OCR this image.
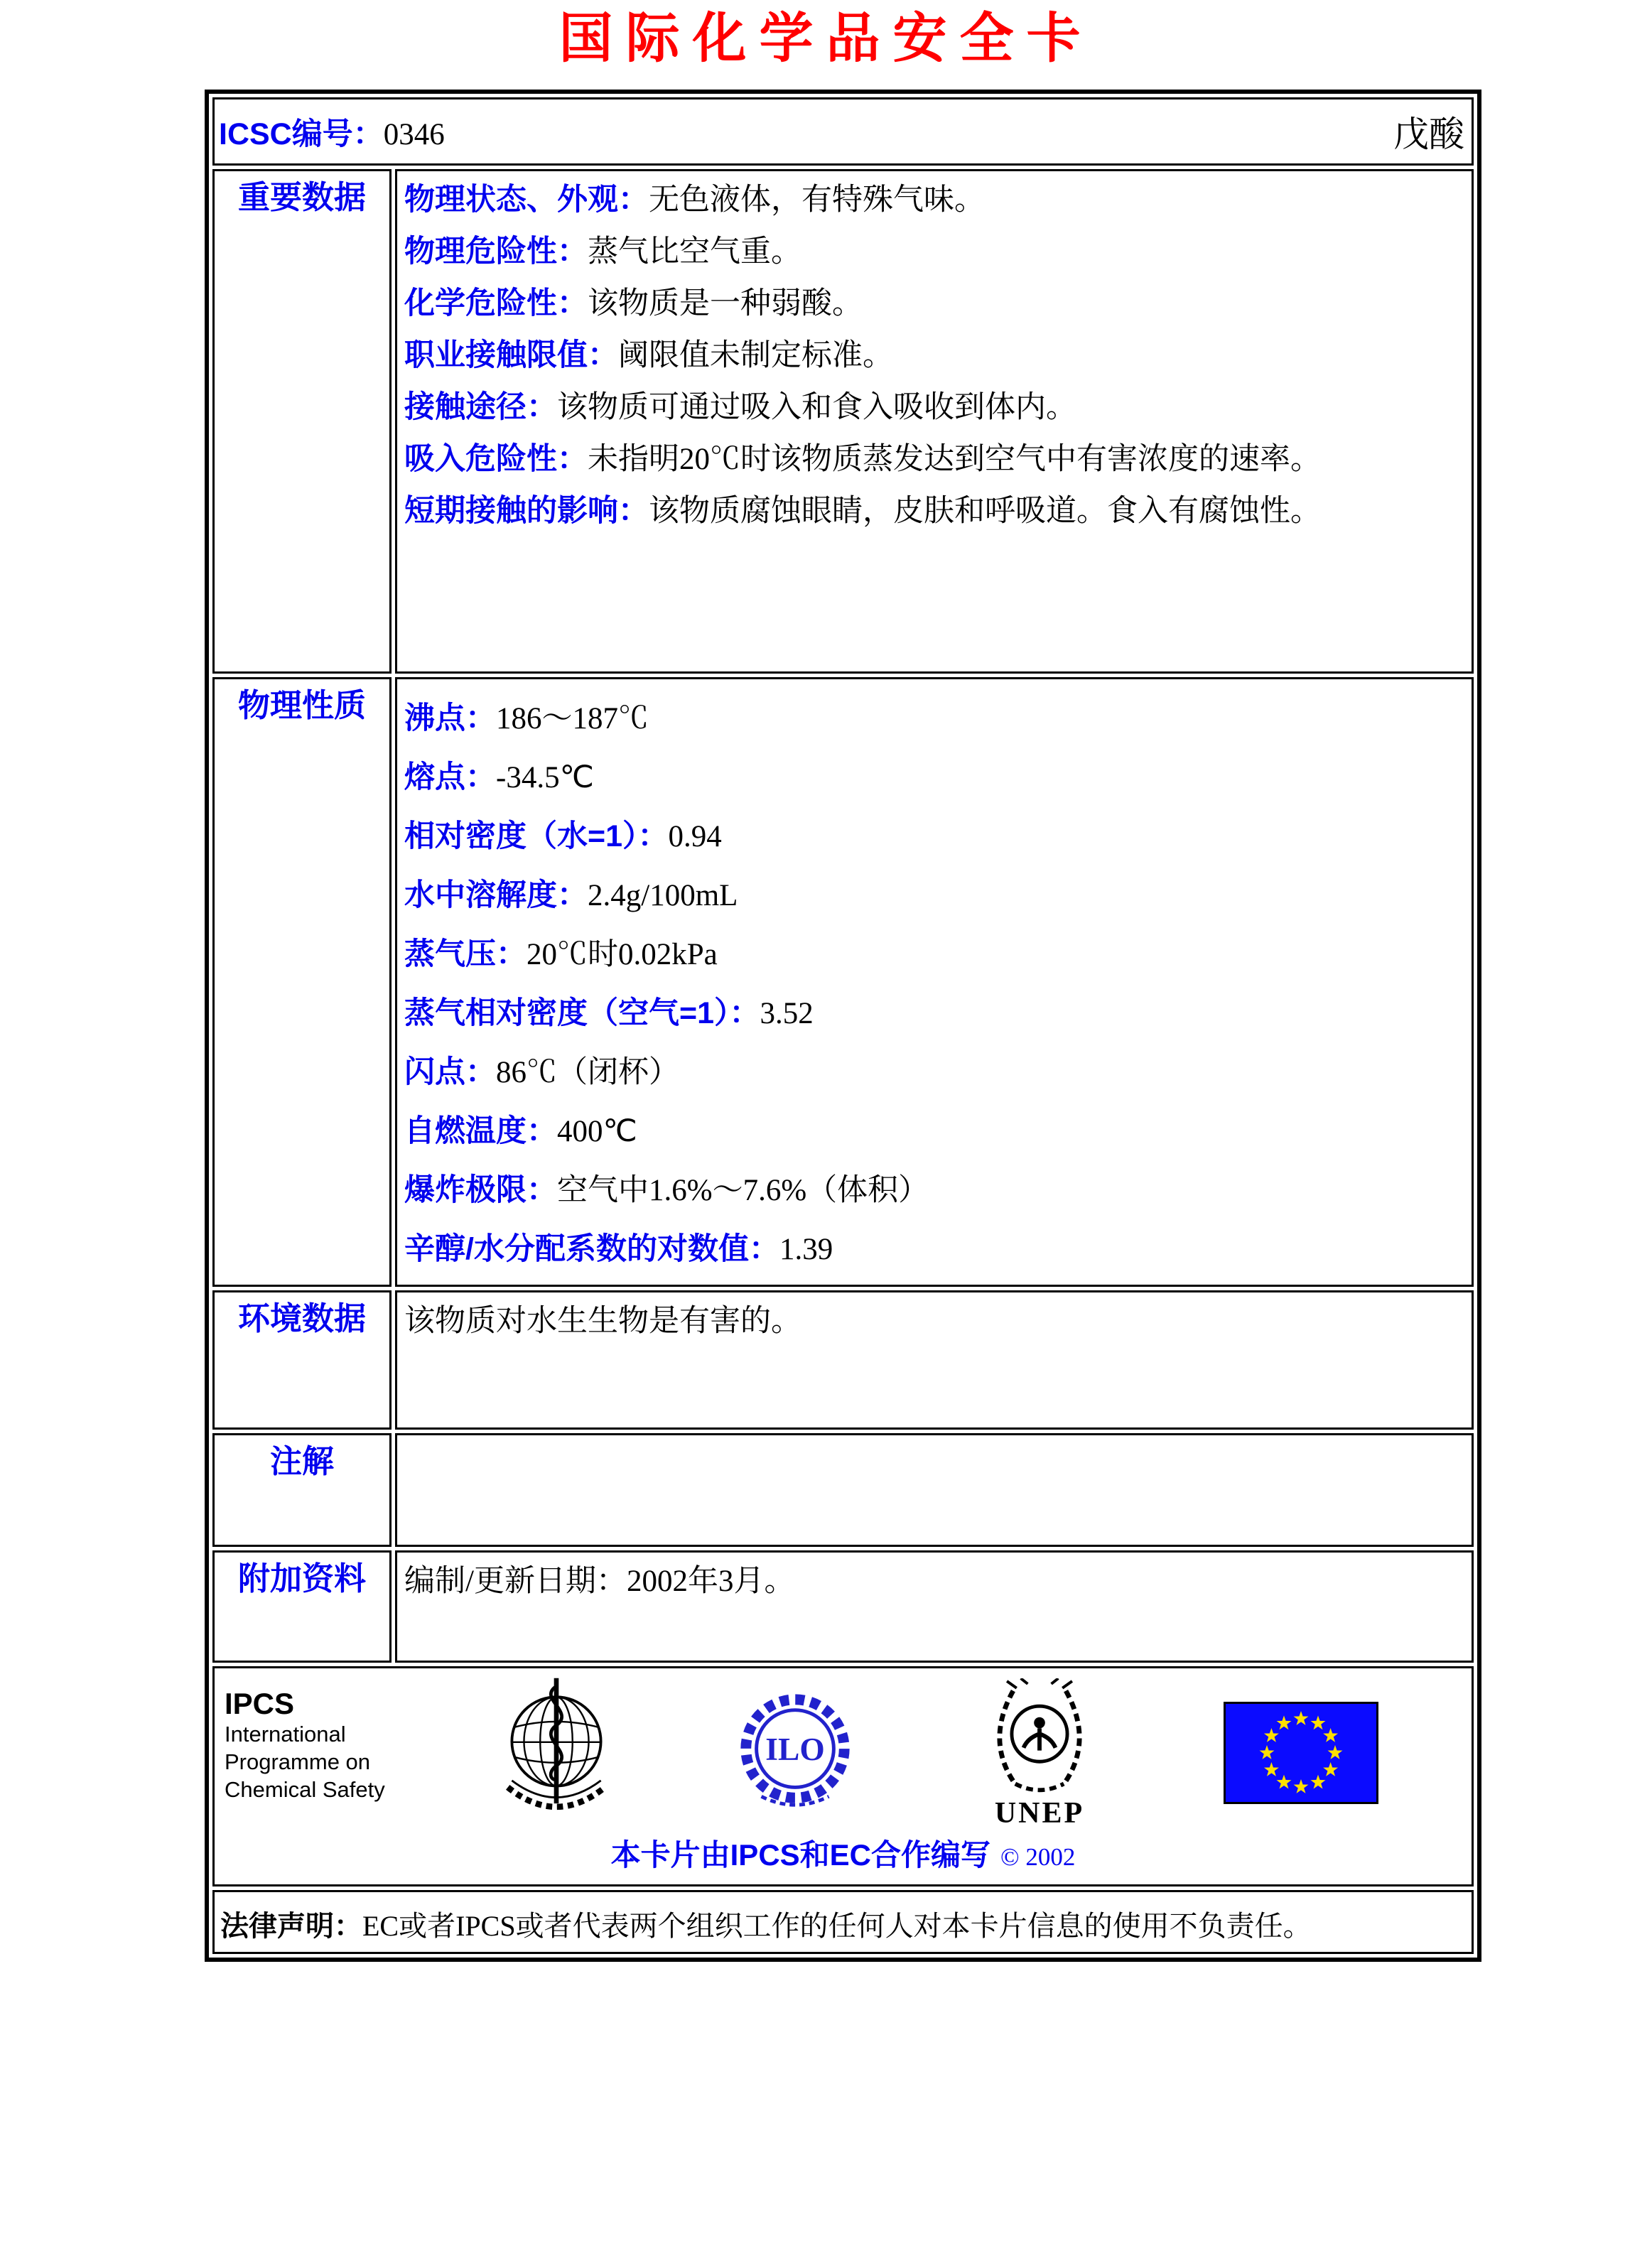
国际化学品安全卡
ICSC编号：0346 戊酸	

重要数据	物理状态、外观：无色液体，有特殊气味。
物理危险性：蒸气比空气重。
化学危险性：该物质是一种弱酸。
职业接触限值：阈限值未制定标准。
接触途径：该物质可通过吸入和食入吸收到体内。
吸入危险性：未指明20℃时该物质蒸发达到空气中有害浓度的速率。
短期接触的影响：该物质腐蚀眼睛，皮肤和呼吸道。食入有腐蚀性。

物理性质	沸点：186～187℃
熔点：-34.5℃
相对密度（水=1）：0.94
水中溶解度：2.4g/100mL
蒸气压：20℃时0.02kPa
蒸气相对密度（空气=1）：3.52
闪点：86℃（闭杯）
自燃温度：400℃
爆炸极限：空气中1.6%～7.6%（体积）
辛醇/水分配系数的对数值：1.39

环境数据	该物质对水生生物是有害的。

注解	

附加资料	编制/更新日期：2002年3月。

IPCS
International
Programme on
Chemical Safety
ILO
UNEP
本卡片由IPCS和EC合作编写 © 2002

法律声明：EC或者IPCS或者代表两个组织工作的任何人对本卡片信息的使用不负责任。	
